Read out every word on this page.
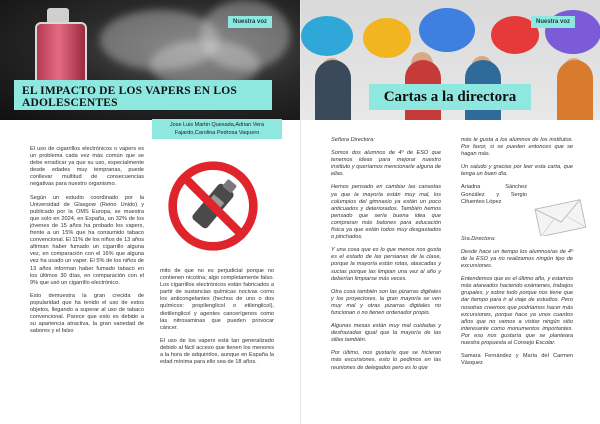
Nuestra voz
EL IMPACTO DE LOS VAPERS EN LOS ADOLESCENTES
Jose Luis Martin Quesada,Adrian Vera
Fajardo,Carolina Pedrosa Vaquero

El uso de cigarrillos electrónicos o vapers es un problema cada vez más común que se debe erradicar ya que su uso, especialmente desde edades muy tempranas, puede conllevar multitud de consecuencias negativas para nuestro organismo.

Según un estudio coordinado por la Universidad de Glasgow (Reino Unido) y publicado por la OMS Europa, se muestra que solo en 2024, en España, un 32% de los jóvenes de 15 años ha probado los vapers, frente a un 15% que ha consumido tabaco convencional. El 11% de los niños de 13 años afirman haber fumado un cigarrillo alguna vez, en comparación con el 16% que alguna vez ha usado un vaper. El 5% de los niños de 13 años informan haber fumado tabaco en los últimos 30 días, en comparación con el 9% que usó un cigarrillo electrónico.

Esto demuestra la gran crecida de popularidad que ha tenido el uso de estos objetos, llegando a superar al uso de tabaco convencional. Parece que esto es debido a su apariencia atractiva, la gran variedad de sabores y el falso

mito de que no es perjudicial porque no contienen nicotina; algo completamente falso. Los cigarrillos electrónicos están fabricados a partir de sustancias químicas nocivas como los anticongelantes (hechos de uno o dos químicos: propilenglicol o etilenglicol), dietilenglicol y agentes cancerígenos como las nitrosaminas que pueden provocar cáncer.

El uso de los vapers está tan generalizado debido al fácil acceso que tienen los menores a la hora de adquirirlos, aunque en España la edad mínima para ello sea de 18 años.

Nuestra voz
Cartas a la directora

Señora Directora:

Somos dos alumnos de 4º de ESO que tenemos ideas para mejorar nuestro instituto y queríamos mencionarle alguna de ellas.

Hemos pensado en cambiar las canastas ya que la mayoría están muy mal, los columpios del gimnasio ya están un poco anticuados y deteriorados. También hemos pensado que sería buena idea que compraran más balones para educación física ya que están todos muy desgastados o pinchados.

Y una cosa que es lo que menos nos gusta es el estado de las persianas de la clase, porque la mayoría están rotas, atascadas y sucias porque las limpian una vez al año y deberían limpiarse más veces.

Otra cosa también son las pizarras digitales y los proyectores, la gran mayoría se ven muy mal y otras pizarras digitales no funcionan o no tienen ordenador propio.

Algunas mesas están muy mal cuidadas y desfrazadas igual que la mayoría de las sillas también.

Por último, nos gustaría que se hicieran más excursiones, esto lo pedimos en las reuniones de delegados pero es lo que

más le gusta a los alumnos de los institutos. Por favor, si se pueden entonces que se hagan más.

Un saludo y gracias por leer esta carta, que tenga un buen día.

Ariadna Sánchez González y Sergio Cifuentes López

Sra.Directora:

Desde hace un tiempo los alumnos/as de 4º de la ESO ya no realizamos ningún tipo de excursiones.

Entendemos que es el último año, y estamos más atareados haciendo exámenes, trabajos grupales, y sobre todo porque nos tiene que dar tiempo para ir al viaje de estudios. Pero nosotras creemos que podríamos hacer más excursiones, porque hace ya unos cuantos años que no vamos a visitar ningún sitio interesante como monumentos importantes. Por eso nos gustaría que se planteara nuestra propuesta al Consejo Escolar.

Samara Fernández y María del Carmen Vásquez
